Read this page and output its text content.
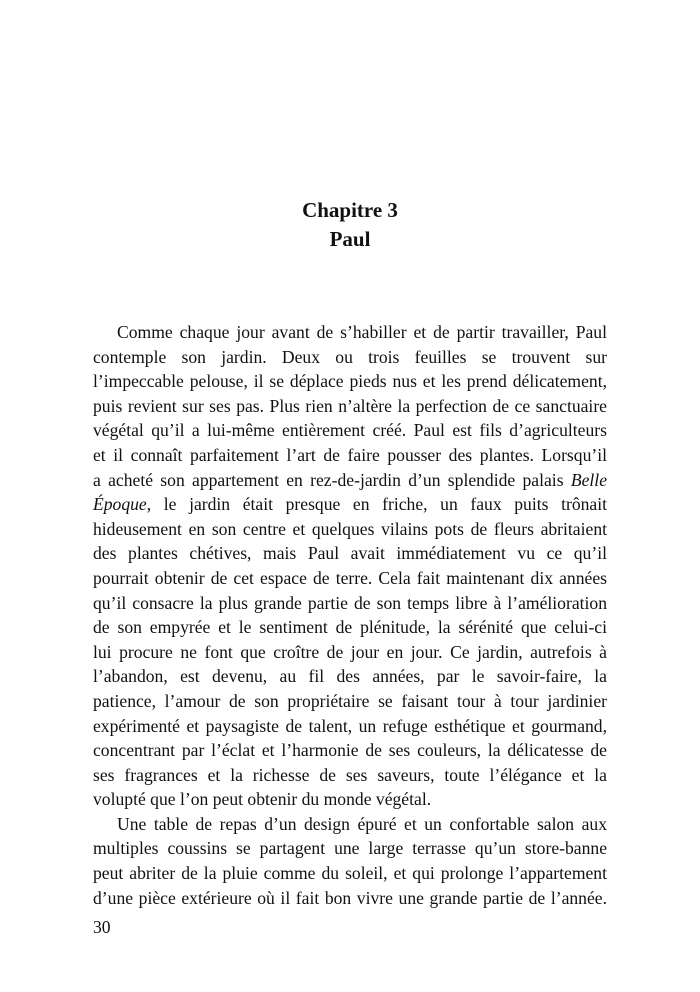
Chapitre 3
Paul
Comme chaque jour avant de s’habiller et de partir travailler, Paul
contemple son jardin. Deux ou trois feuilles se trouvent sur
l’impeccable pelouse, il se déplace pieds nus et les prend délicatement,
puis revient sur ses pas. Plus rien n’altère la perfection de ce sanctuaire
végétal qu’il a lui-même entièrement créé. Paul est fils d’agriculteurs
et il connaît parfaitement l’art de faire pousser des plantes. Lorsqu’il
a acheté son appartement en rez-de-jardin d’un splendide palais Belle
Époque, le jardin était presque en friche, un faux puits trônait
hideusement en son centre et quelques vilains pots de fleurs abritaient
des plantes chétives, mais Paul avait immédiatement vu ce qu’il
pourrait obtenir de cet espace de terre. Cela fait maintenant dix années
qu’il consacre la plus grande partie de son temps libre à l’amélioration
de son empyrée et le sentiment de plénitude, la sérénité que celui-ci
lui procure ne font que croître de jour en jour. Ce jardin, autrefois à
l’abandon, est devenu, au fil des années, par le savoir-faire, la
patience, l’amour de son propriétaire se faisant tour à tour jardinier
expérimenté et paysagiste de talent, un refuge esthétique et gourmand,
concentrant par l’éclat et l’harmonie de ses couleurs, la délicatesse de
ses fragrances et la richesse de ses saveurs, toute l’élégance et la
volupté que l’on peut obtenir du monde végétal.
Une table de repas d’un design épuré et un confortable salon aux
multiples coussins se partagent une large terrasse qu’un store-banne
peut abriter de la pluie comme du soleil, et qui prolonge l’appartement
d’une pièce extérieure où il fait bon vivre une grande partie de l’année.
30
